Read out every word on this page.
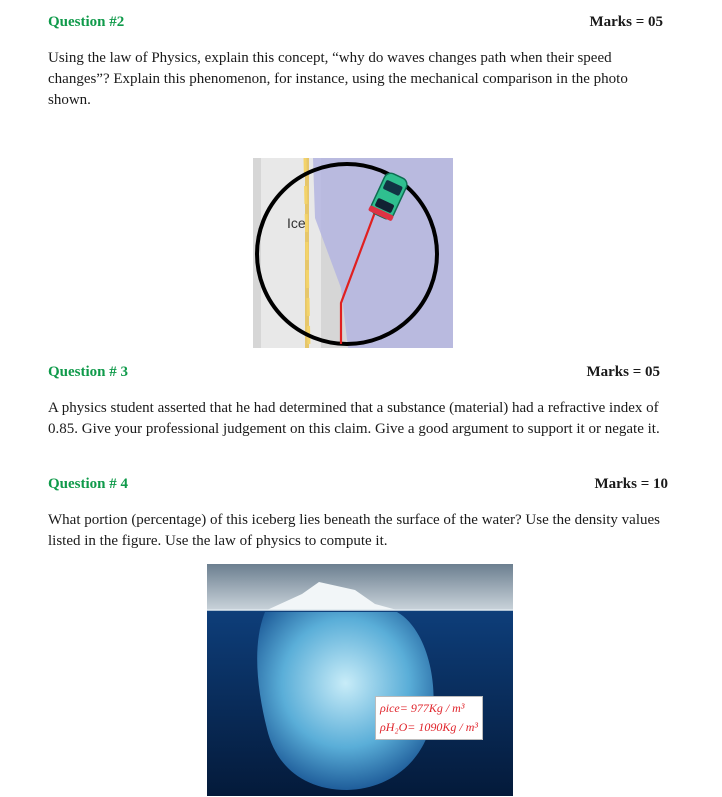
Question #2	Marks = 05
Using the law of Physics, explain this concept, “why do waves changes path when their speed changes”? Explain this phenomenon, for instance, using the mechanical comparison in the photo shown.
Ice
Question # 3	Marks = 05
A physics student asserted that he had determined that a substance (material) had a refractive index of 0.85. Give your professional judgement on this claim. Give a good argument to support it or negate it.
Question # 4	Marks = 10
What portion (percentage) of this iceberg lies beneath the surface of the water? Use the density values listed in the figure. Use the law of physics to compute it.
ρice= 977Kg / m³
ρH₂O= 1090Kg / m³
